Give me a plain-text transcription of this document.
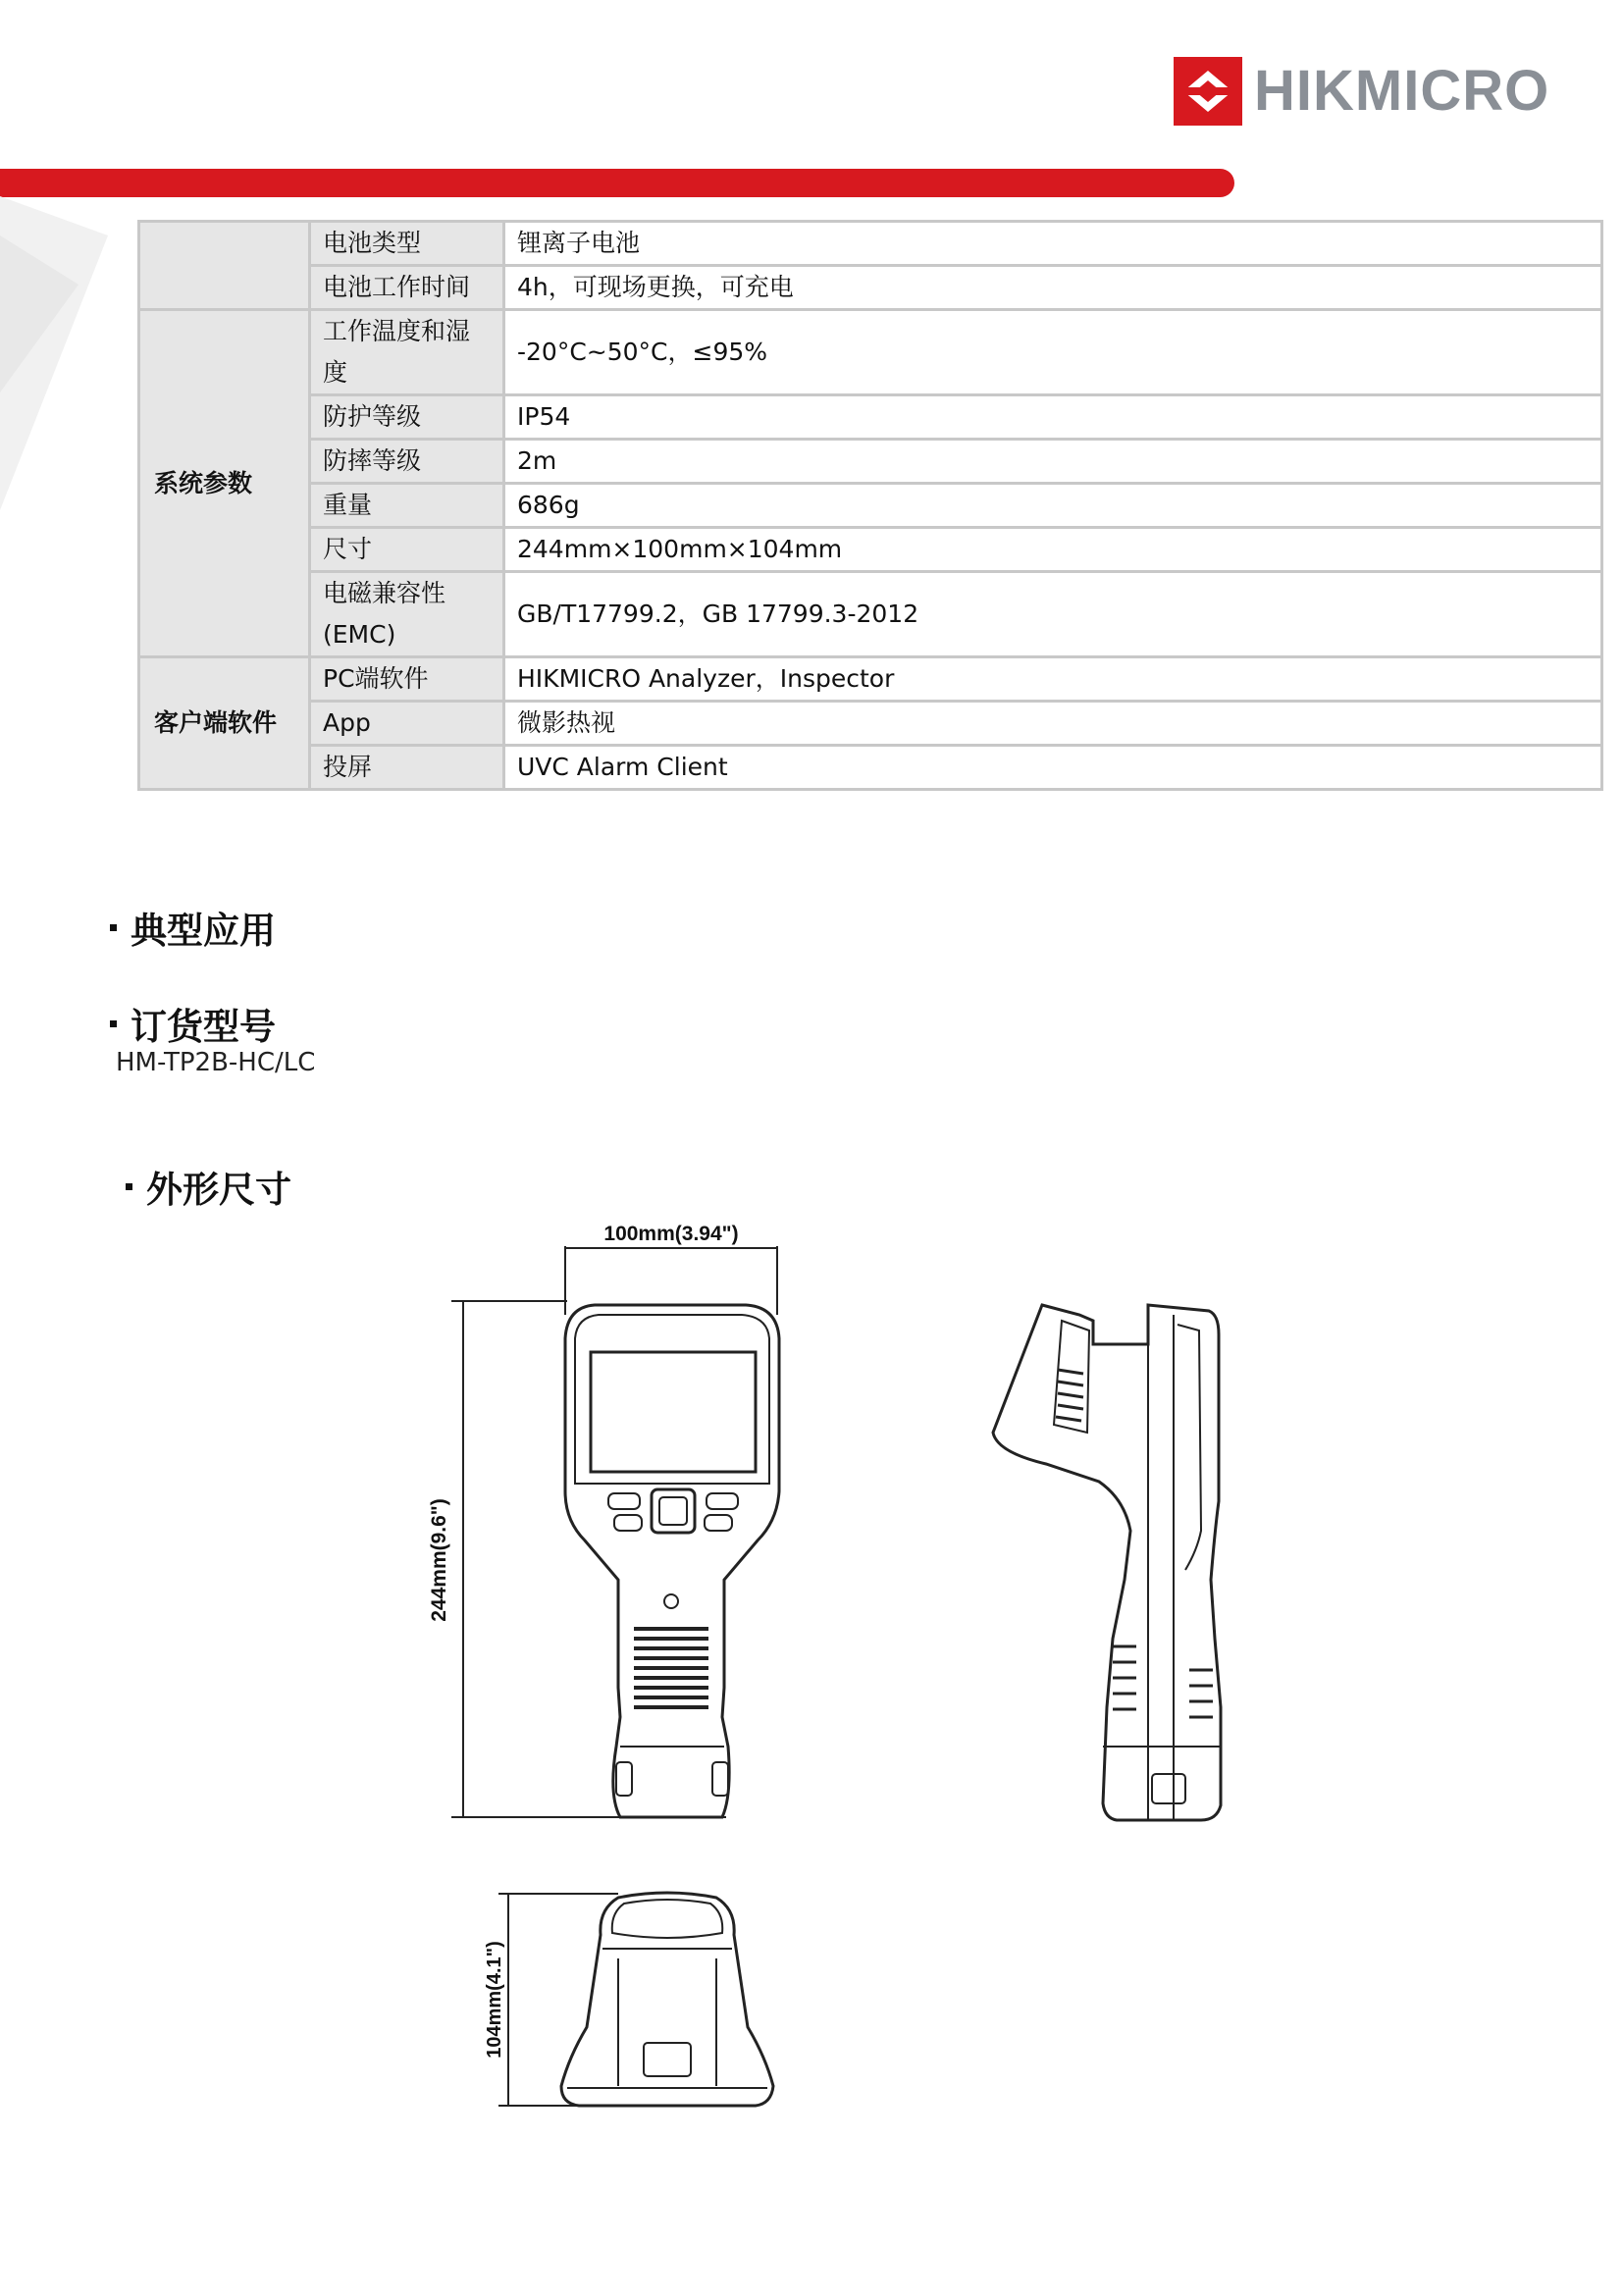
HIKMICRO
	电池类型	锂离子电池
	电池工作时间	4h，可现场更换，可充电
系统参数	工作温度和湿度	-20°C~50°C，≤95%
	防护等级	IP54
	防摔等级	2m
	重量	686g
	尺寸	244mm×100mm×104mm
	电磁兼容性(EMC)	GB/T17799.2，GB 17799.3-2012
客户端软件	PC端软件	HIKMICRO Analyzer，Inspector
	App	微影热视
	投屏	UVC Alarm Client
典型应用
订货型号
HM-TP2B-HC/LC
外形尺寸
100mm(3.94")
244mm(9.6")
104mm(4.1")
